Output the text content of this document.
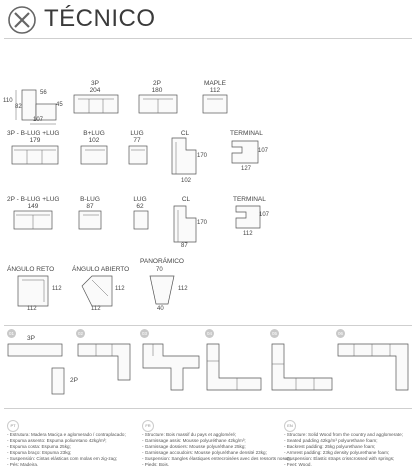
TÉCNICO
110
45
56
82
107
3P
204
2P
180
MAPLE
112
3P - B-LUG +LUG
179
B+LUG
102
LUG
77
CL
170
102
TERMINAL
107
127
2P - B-LUG +LUG
149
B-LUG
87
LUG
62
CL
170
87
TERMINAL
107
112
ÁNGULO RETO
112
112
ÁNGULO ABIERTO
112
112
PANORÁMICO
70
112
40
01	02	03	04	05	06
3P
2P
PT	FR	EN
- Estrutura: Madera Maciça e aglomerado / contraplacado;
- Espuma assento: Espuma poliuretano 42kg/m³;
- Espuma costa: Espuma 25kg;
- Espuma braço: Espuma 23kg;
- Suspensión: Cintas elásticas com molas em zig-zag;
- Pés: Madeira.
- Structure: Bois massif du pays et aggloméré;
- Garnissage assis: Mousse polyuréthane 42kg/m³;
- Garnissage dossiers: Mousse polyuréthane 25kg;
- Garnissage accoudoirs: Mousse polyuréthane densité 23kg;
- Suspension: Sangles élastiques entrecroisées avec des ressorts nosag;
- Pieds: Bois.
- Structure: Solid Wood from the country and agglomerate;
- Seated padding 42kg/m³ polyurethane foam;
- Backrest padding: 25kg polyurethane foam;
- Armrest padding: 23kg density polyurethane foam;
- Suspension: Elastic straps crisscrossed with springs;
- Feet: Wood.
